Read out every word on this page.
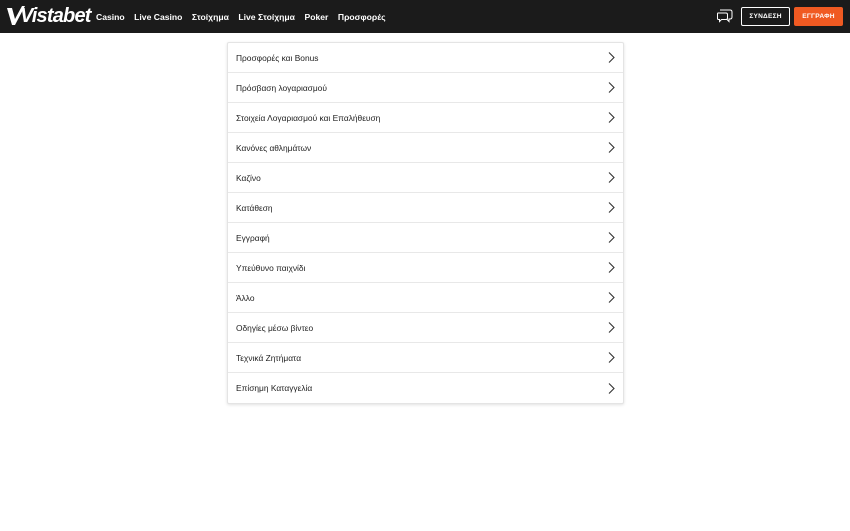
Vistabet Casino Live Casino Στοίχημα Live Στοίχημα Poker Προσφορές	ΣΥΝΔΕΣΗ	ΕΓΓΡΑΦΗ
Προσφορές και Bonus
Πρόσβαση λογαριασμού
Στοιχεία Λογαριασμού και Επαλήθευση
Κανόνες αθλημάτων
Καζίνο
Κατάθεση
Εγγραφή
Υπεύθυνο παιχνίδι
Άλλο
Οδηγίες μέσω βίντεο
Τεχνικά Ζητήματα
Επίσημη Καταγγελία
